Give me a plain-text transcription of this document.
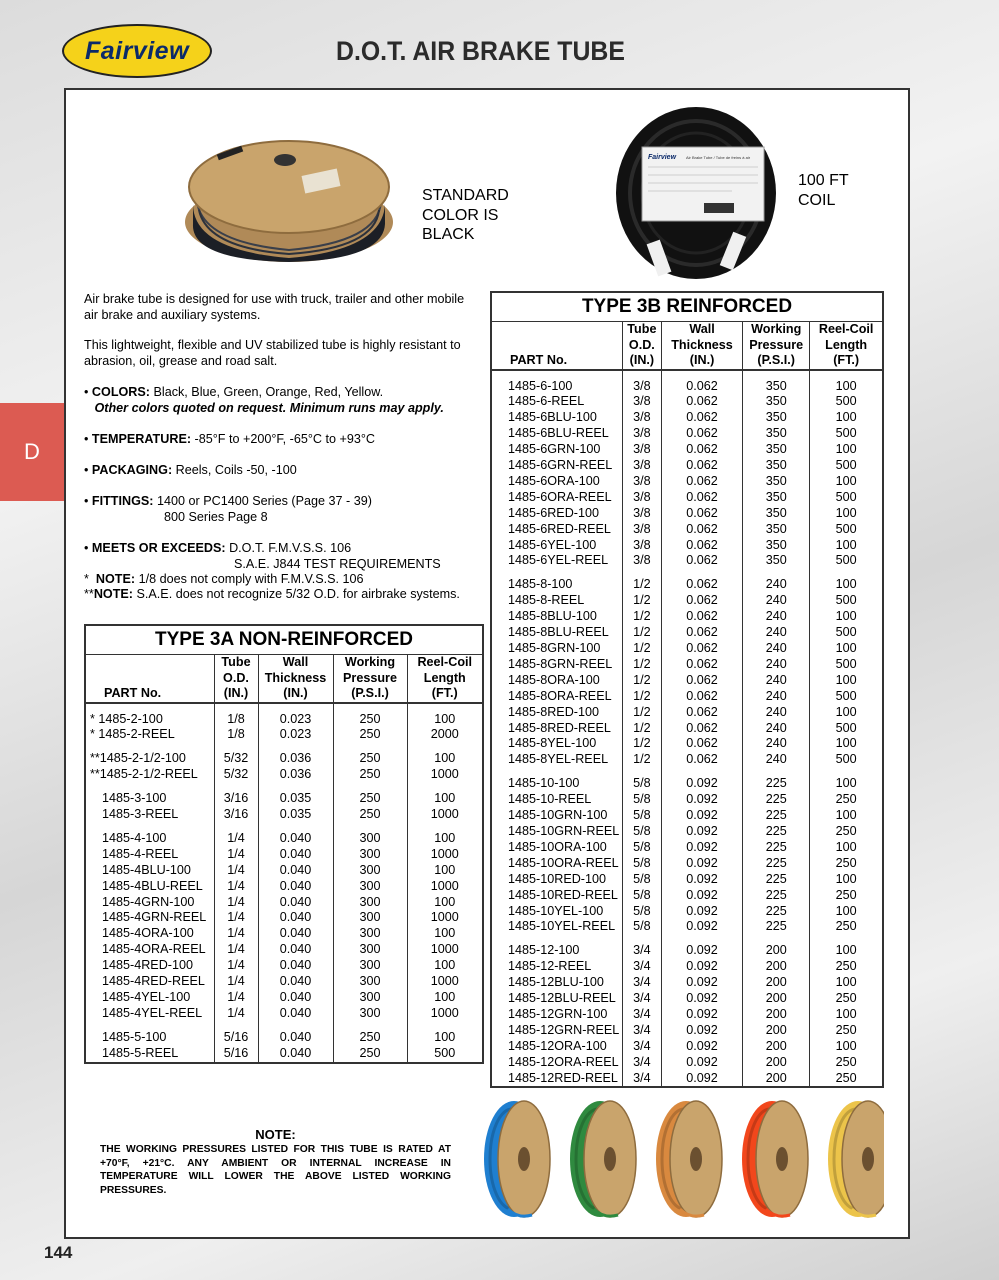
Fairview	D.O.T. AIR BRAKE TUBE
D
Fairview Air Brake Tube / Tube de freins à air
STANDARD
COLOR IS
BLACK
100 FT
COIL
Air brake tube is designed for use with truck, trailer and other mobile air brake and auxiliary systems.
This lightweight, flexible and UV stabilized tube is highly resistant to abrasion, oil, grease and road salt.
• COLORS: Black, Blue, Green, Orange, Red, Yellow.
Other colors quoted on request. Minimum runs may apply.
• TEMPERATURE: -85°F to +200°F, -65°C to +93°C
• PACKAGING: Reels, Coils -50, -100
• FITTINGS: 1400 or PC1400 Series (Page 37 - 39)
800 Series Page 8
• MEETS OR EXCEEDS: D.O.T. F.M.V.S.S. 106
S.A.E. J844 TEST REQUIREMENTS
*  NOTE: 1/8 does not comply with F.M.V.S.S. 106
**NOTE: S.A.E. does not recognize 5/32 O.D. for airbrake systems.
TYPE 3A NON-REINFORCED				
PART No.	Tube
O.D.
(IN.)	Wall
Thickness
(IN.)	Working
Pressure
(P.S.I.)	Reel-Coil
Length
(FT.)

* 1485-2-100	1/8	0.023	250	100
* 1485-2-REEL	1/8	0.023	250	2000

**1485-2-1/2-100	5/32	0.036	250	100
**1485-2-1/2-REEL	5/32	0.036	250	1000

1485-3-100	3/16	0.035	250	100
1485-3-REEL	3/16	0.035	250	1000

1485-4-100	1/4	0.040	300	100
1485-4-REEL	1/4	0.040	300	1000
1485-4BLU-100	1/4	0.040	300	100
1485-4BLU-REEL	1/4	0.040	300	1000
1485-4GRN-100	1/4	0.040	300	100
1485-4GRN-REEL	1/4	0.040	300	1000
1485-4ORA-100	1/4	0.040	300	100
1485-4ORA-REEL	1/4	0.040	300	1000
1485-4RED-100	1/4	0.040	300	100
1485-4RED-REEL	1/4	0.040	300	1000
1485-4YEL-100	1/4	0.040	300	100
1485-4YEL-REEL	1/4	0.040	300	1000

1485-5-100	5/16	0.040	250	100
1485-5-REEL	5/16	0.040	250	500
TYPE 3B REINFORCED				
PART No.	Tube
O.D.
(IN.)	Wall
Thickness
(IN.)	Working
Pressure
(P.S.I.)	Reel-Coil
Length
(FT.)

1485-6-100	3/8	0.062	350	100
1485-6-REEL	3/8	0.062	350	500
1485-6BLU-100	3/8	0.062	350	100
1485-6BLU-REEL	3/8	0.062	350	500
1485-6GRN-100	3/8	0.062	350	100
1485-6GRN-REEL	3/8	0.062	350	500
1485-6ORA-100	3/8	0.062	350	100
1485-6ORA-REEL	3/8	0.062	350	500
1485-6RED-100	3/8	0.062	350	100
1485-6RED-REEL	3/8	0.062	350	500
1485-6YEL-100	3/8	0.062	350	100
1485-6YEL-REEL	3/8	0.062	350	500

1485-8-100	1/2	0.062	240	100
1485-8-REEL	1/2	0.062	240	500
1485-8BLU-100	1/2	0.062	240	100
1485-8BLU-REEL	1/2	0.062	240	500
1485-8GRN-100	1/2	0.062	240	100
1485-8GRN-REEL	1/2	0.062	240	500
1485-8ORA-100	1/2	0.062	240	100
1485-8ORA-REEL	1/2	0.062	240	500
1485-8RED-100	1/2	0.062	240	100
1485-8RED-REEL	1/2	0.062	240	500
1485-8YEL-100	1/2	0.062	240	100
1485-8YEL-REEL	1/2	0.062	240	500

1485-10-100	5/8	0.092	225	100
1485-10-REEL	5/8	0.092	225	250
1485-10GRN-100	5/8	0.092	225	100
1485-10GRN-REEL	5/8	0.092	225	250
1485-10ORA-100	5/8	0.092	225	100
1485-10ORA-REEL	5/8	0.092	225	250
1485-10RED-100	5/8	0.092	225	100
1485-10RED-REEL	5/8	0.092	225	250
1485-10YEL-100	5/8	0.092	225	100
1485-10YEL-REEL	5/8	0.092	225	250

1485-12-100	3/4	0.092	200	100
1485-12-REEL	3/4	0.092	200	250
1485-12BLU-100	3/4	0.092	200	100
1485-12BLU-REEL	3/4	0.092	200	250
1485-12GRN-100	3/4	0.092	200	100
1485-12GRN-REEL	3/4	0.092	200	250
1485-12ORA-100	3/4	0.092	200	100
1485-12ORA-REEL	3/4	0.092	200	250
1485-12RED-REEL	3/4	0.092	200	250
NOTE:
THE WORKING PRESSURES LISTED FOR THIS TUBE IS RATED AT +70°F, +21°C. ANY AMBIENT OR INTERNAL INCREASE IN TEMPERATURE WILL LOWER THE ABOVE LISTED WORKING PRESSURES.
144
